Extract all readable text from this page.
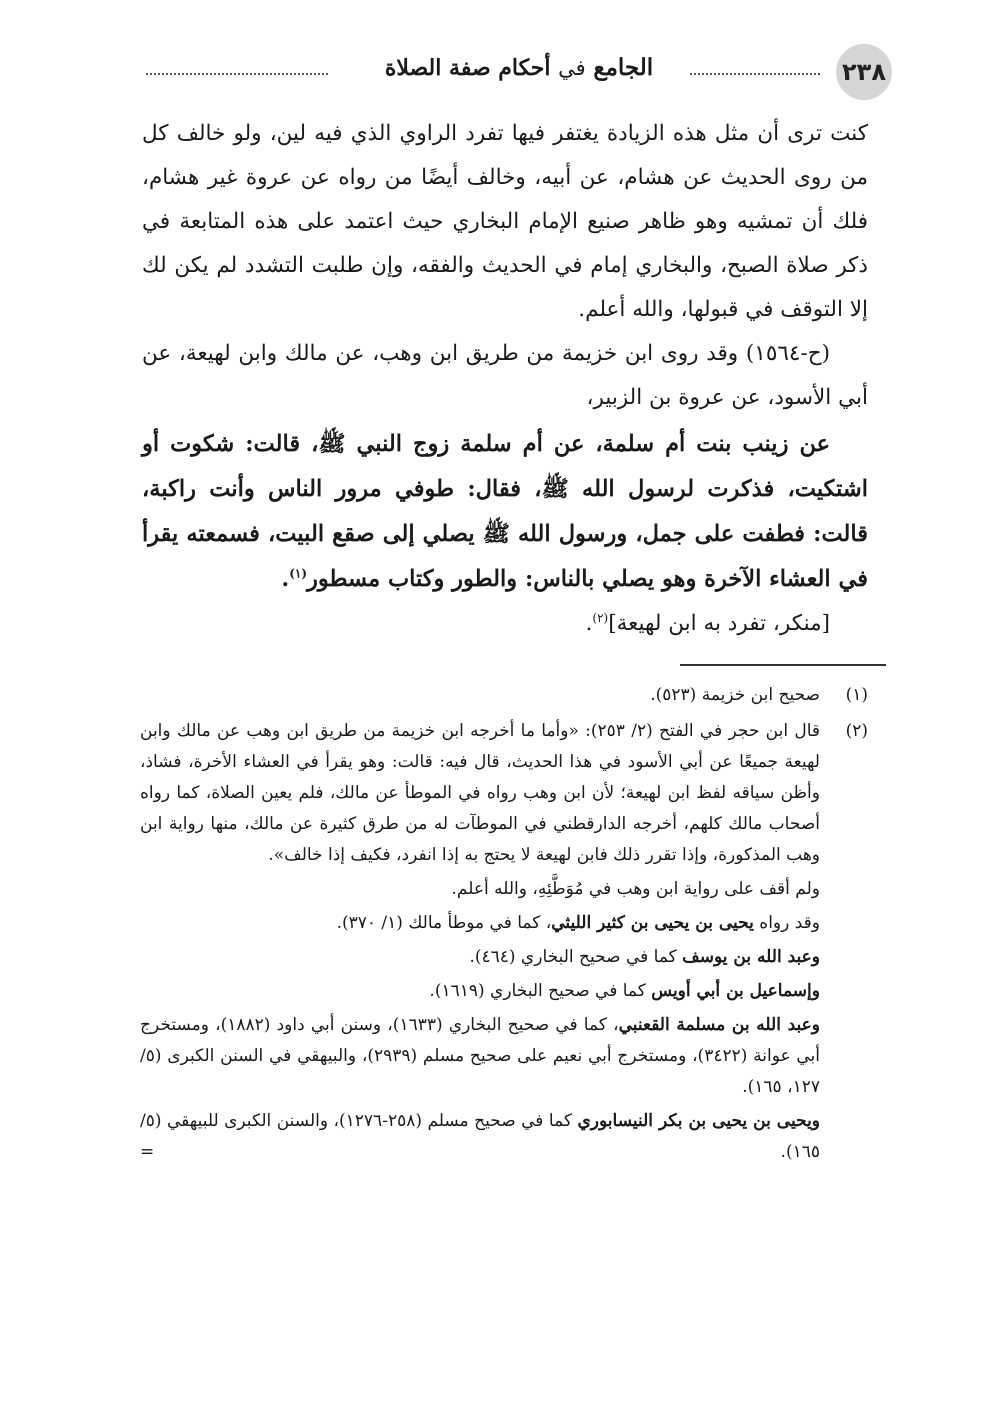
٢٣٨
الجامع في أحكام صفة الصلاة

كنت ترى أن مثل هذه الزيادة يغتفر فيها تفرد الراوي الذي فيه لين، ولو خالف كل من روى الحديث عن هشام، عن أبيه، وخالف أيضًا من رواه عن عروة غير هشام، فلك أن تمشيه وهو ظاهر صنيع الإمام البخاري حيث اعتمد على هذه المتابعة في ذكر صلاة الصبح، والبخاري إمام في الحديث والفقه، وإن طلبت التشدد لم يكن لك إلا التوقف في قبولها، والله أعلم.

(ح-١٥٦٤) وقد روى ابن خزيمة من طريق ابن وهب، عن مالك وابن لهيعة، عن أبي الأسود، عن عروة بن الزبير،

عن زينب بنت أم سلمة، عن أم سلمة زوج النبي ﷺ، قالت: شكوت أو اشتكيت، فذكرت لرسول الله ﷺ، فقال: طوفي مرور الناس وأنت راكبة، قالت: فطفت على جمل، ورسول الله ﷺ يصلي إلى صقع البيت، فسمعته يقرأ في العشاء الآخرة وهو يصلي بالناس: والطور وكتاب مسطور$^{(١)}$.

[منكر، تفرد به ابن لهيعة]$^{(٢)}$.

(١)

صحيح ابن خزيمة (٥٢٣).

(٢)

قال ابن حجر في الفتح (٢/ ٢٥٣): «وأما ما أخرجه ابن خزيمة من طريق ابن وهب عن مالك وابن لهيعة جميعًا عن أبي الأسود في هذا الحديث، قال فيه: قالت: وهو يقرأ في العشاء الأخرة، فشاذ، وأظن سياقه لفظ ابن لهيعة؛ لأن ابن وهب رواه في الموطأ عن مالك، فلم يعين الصلاة، كما رواه أصحاب مالك كلهم، أخرجه الدارقطني في الموطآت له من طرق كثيرة عن مالك، منها رواية ابن وهب المذكورة، وإذا تقرر ذلك فابن لهيعة لا يحتج به إذا انفرد، فكيف إذا خالف».

ولم أقف على رواية ابن وهب في مُوَطَّئِهِ، والله أعلم.

وقد رواه يحيى بن يحيى بن كثير الليثي، كما في موطأ مالك (١/ ٣٧٠).

وعبد الله بن يوسف كما في صحيح البخاري (٤٦٤).

وإسماعيل بن أبي أويس كما في صحيح البخاري (١٦١٩).

وعبد الله بن مسلمة القعنبي، كما في صحيح البخاري (١٦٣٣)، وسنن أبي داود (١٨٨٢)، ومستخرج أبي عوانة (٣٤٢٢)، ومستخرج أبي نعيم على صحيح مسلم (٢٩٣٩)، والبيهقي في السنن الكبرى (٥/ ١٢٧، ١٦٥).

ويحيى بن يحيى بن بكر النيسابوري كما في صحيح مسلم (٢٥٨-١٢٧٦)، والسنن الكبرى للبيهقي (٥/ ١٦٥).

=
